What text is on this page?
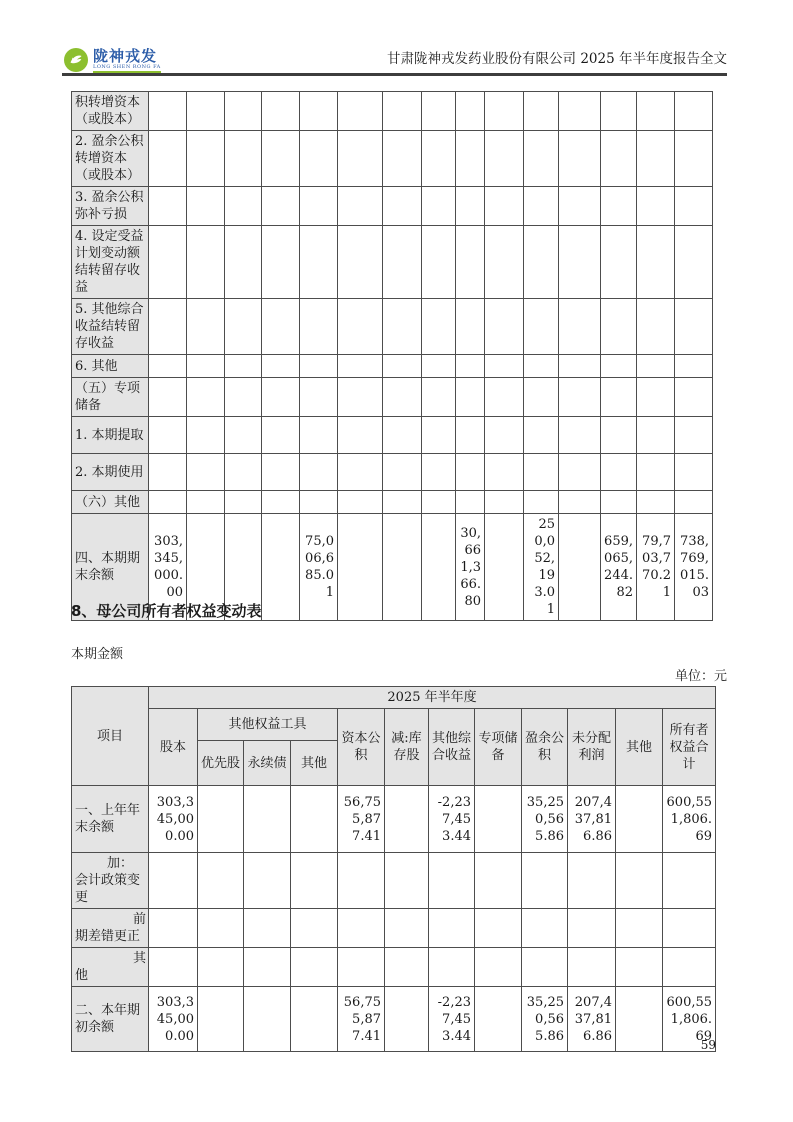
陇神戎发
LONG SHEN RONG FA	甘肃陇神戎发药业股份有限公司 2025 年半年度报告全文
积转增资本（或股本）															
2. 盈余公积转增资本（或股本）															
3. 盈余公积弥补亏损															
4. 设定受益计划变动额结转留存收益															
5. 其他综合收益结转留存收益															
6. 其他															
（五）专项储备															
1. 本期提取															
2. 本期使用															
（六）其他															
四、本期期末余额	303,345,000.00				75,006,685.01				30,661,366.80		250,052,193.01		659,065,244.82	79,703,770.21	738,769,015.03
8、母公司所有者权益变动表
本期金额
单位：元
项目	2025 年半年度											
	股本	其他权益工具			资本公积	减:库存股	其他综合收益	专项储备	盈余公积	未分配利润	其他	所有者权益合计
		优先股	永续债	其他								
一、上年年末余额	303,345,000.00				56,755,877.41		-2,237,453.44		35,250,565.86	207,437,816.86		600,551,806.69
加：会计政策变更												
前期差错更正												
其他												
二、本年期初余额	303,345,000.00				56,755,877.41		-2,237,453.44		35,250,565.86	207,437,816.86		600,551,806.69
59
